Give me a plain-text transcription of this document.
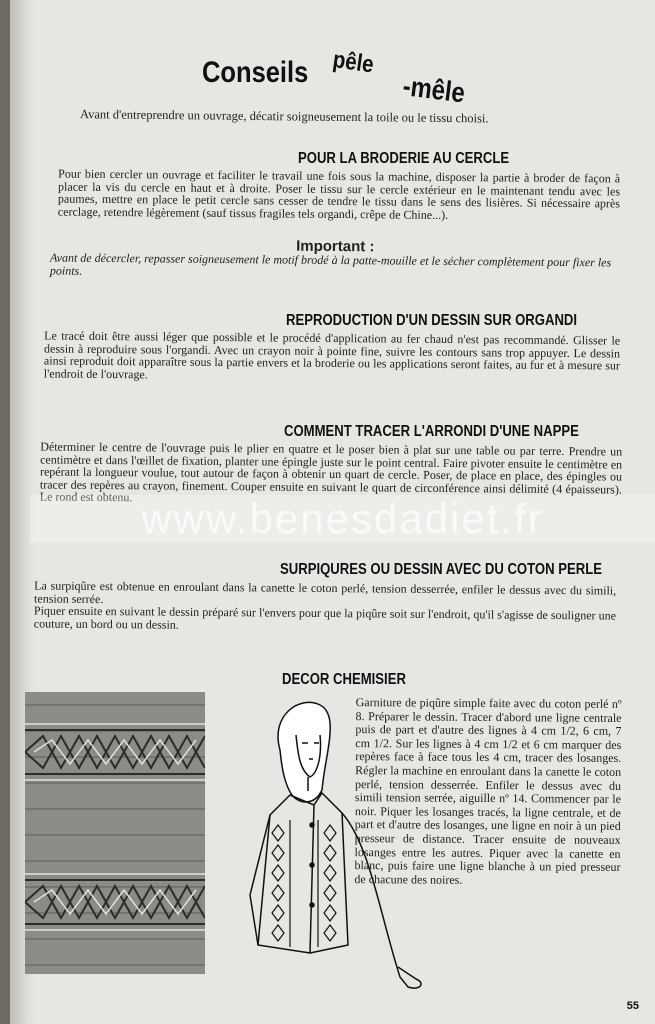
Conseils pêle
-mêle
Avant d'entreprendre un ouvrage, décatir soigneusement la toile ou le tissu choisi.
POUR LA BRODERIE AU CERCLE

Pour bien cercler un ouvrage et faciliter le travail une fois sous la machine, disposer la partie à broder de façon à placer la vis du cercle en haut et à droite. Poser le tissu sur le cercle extérieur en le maintenant tendu avec les paumes, mettre en place le petit cercle sans cesser de tendre le tissu dans le sens des lisières. Si nécessaire après cerclage, retendre légèrement (sauf tissus fragiles tels organdi, crêpe de Chine...).

Important :
Avant de décercler, repasser soigneusement le motif brodé à la patte-mouille et le sécher complètement pour fixer les points.
REPRODUCTION D'UN DESSIN SUR ORGANDI

Le tracé doit être aussi léger que possible et le procédé d'application au fer chaud n'est pas recommandé. Glisser le dessin à reproduire sous l'organdi. Avec un crayon noir à pointe fine, suivre les contours sans trop appuyer. Le dessin ainsi reproduit doit apparaître sous la partie envers et la broderie ou les applications seront faites, au fur et à mesure sur l'endroit de l'ouvrage.

COMMENT TRACER L'ARRONDI D'UNE NAPPE

Déterminer le centre de l'ouvrage puis le plier en quatre et le poser bien à plat sur une table ou par terre. Prendre un centimètre et dans l'œillet de fixation, planter une épingle juste sur le point central. Faire pivoter ensuite le centimètre en repérant la longueur voulue, tout autour de façon à obtenir un quart de cercle. Poser, de place en place, des épingles ou tracer des repères au crayon, finement. Couper ensuite en suivant le quart de circonférence ainsi délimité (4 épaisseurs). Le rond est obtenu. www.benesdadiet.fr
SURPIQURES OU DESSIN AVEC DU COTON PERLE

La surpiqûre est obtenue en enroulant dans la canette le coton perlé, tension desserrée, enfiler le dessus avec du simili, tension serrée.

Piquer ensuite en suivant le dessin préparé sur l'envers pour que la piqûre soit sur l'endroit, qu'il s'agisse de souligner une couture, un bord ou un dessin.

DECOR CHEMISIER

Garniture de piqûre simple faite avec du coton perlé nº 8. Préparer le dessin. Tracer d'abord une ligne centrale puis de part et d'autre des lignes à 4 cm 1/2, 6 cm, 7 cm 1/2. Sur les lignes à 4 cm 1/2 et 6 cm marquer des repères face à face tous les 4 cm, tracer des losanges. Régler la machine en enroulant dans la canette le coton perlé, tension desserrée. Enfiler le dessus avec du simili tension serrée, aiguille nº 14. Commencer par le noir. Piquer les losanges tracés, la ligne centrale, et de part et d'autre des losanges, une ligne en noir à un pied presseur de distance. Tracer ensuite de nouveaux losanges entre les autres. Piquer avec la canette en blanc, puis faire une ligne blanche à un pied presseur de chacune des noires.

55
